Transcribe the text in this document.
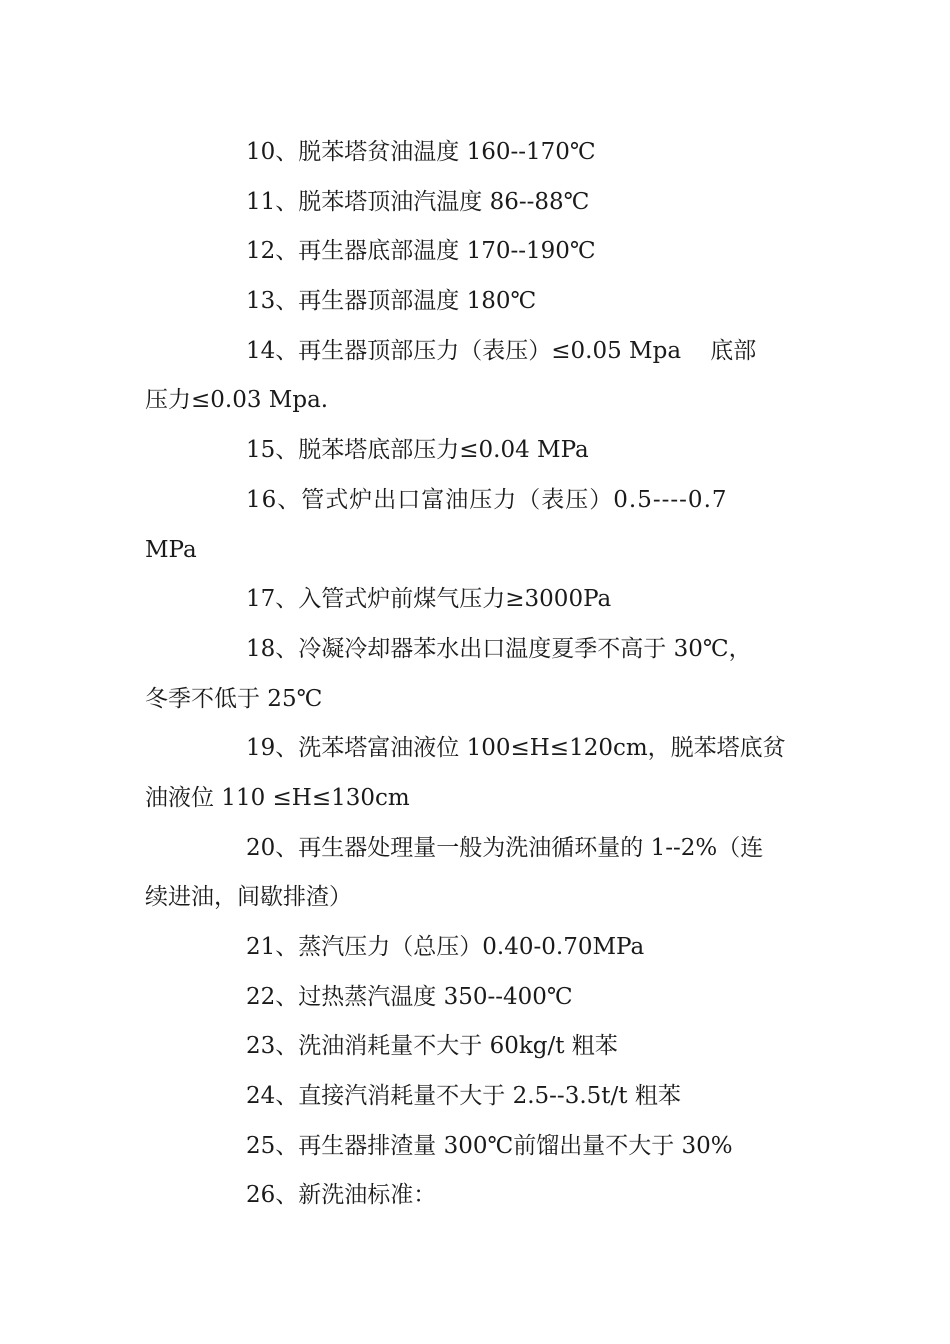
10、脱苯塔贫油温度 160--170℃
11、脱苯塔顶油汽温度 86--88℃
12、再生器底部温度 170--190℃
13、再生器顶部温度 180℃
14、再生器顶部压力（表压）≤0.05 Mpa    底部
压力≤0.03 Mpa.
15、脱苯塔底部压力≤0.04 MPa
16、管式炉出口富油压力（表压）0.5----0.7
MPa
17、入管式炉前煤气压力≥3000Pa
18、冷凝冷却器苯水出口温度夏季不高于 30℃，
冬季不低于 25℃
19、洗苯塔富油液位 100≤H≤120cm，脱苯塔底贫
油液位 110 ≤H≤130cm
20、再生器处理量一般为洗油循环量的 1--2%（连
续进油，间歇排渣）
21、蒸汽压力（总压）0.40-0.70MPa
22、过热蒸汽温度 350--400℃
23、洗油消耗量不大于 60kg/t 粗苯
24、直接汽消耗量不大于 2.5--3.5t/t 粗苯
25、再生器排渣量 300℃前馏出量不大于 30%
26、新洗油标准：
